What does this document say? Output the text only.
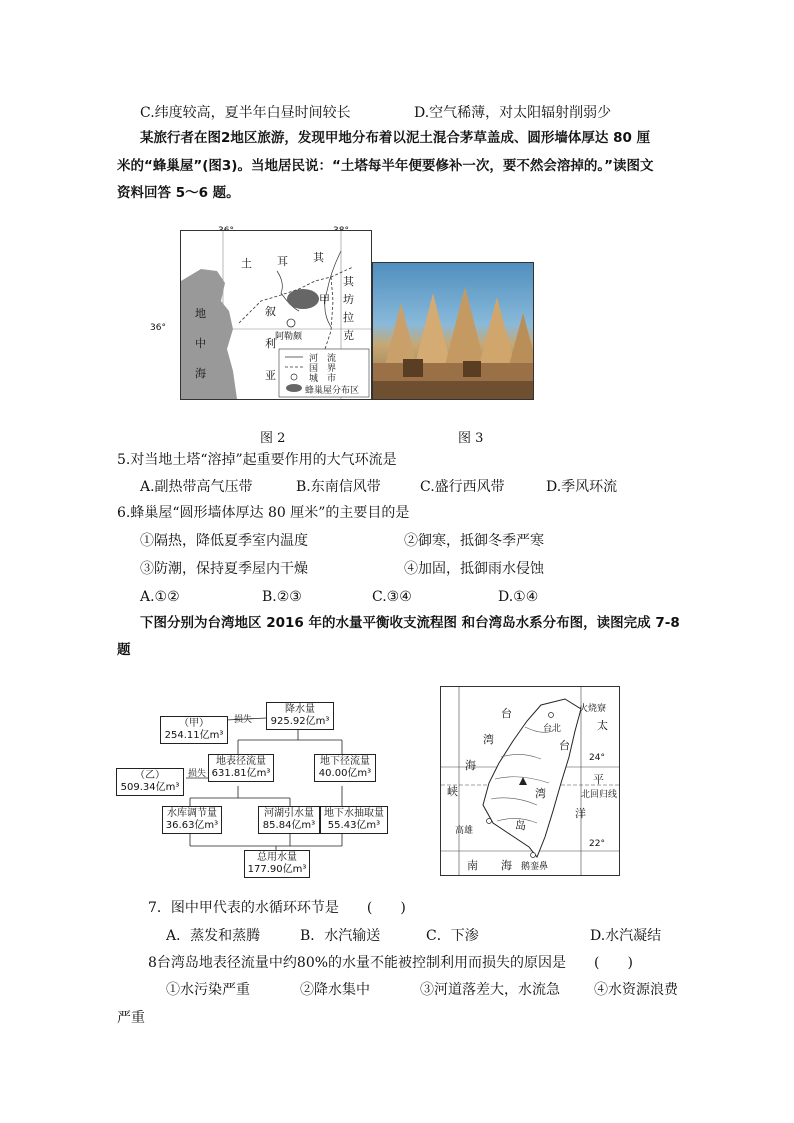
C.纬度较高，夏半年白昼时间较长	D.空气稀薄，对太阳辐射削弱少
某旅行者在图2地区旅游，发现甲地分布着以泥土混合茅草盖成、圆形墙体厚达 80 厘
米的“蜂巢屋”(图3)。当地居民说：“土塔每半年便要修补一次，要不然会溶掉的。”读图文
资料回答 5～6 题。
36°
土 耳 其
地
中
海
甲
阿勒颇
叙
利
亚
其
坊
拉
克
河　流
国　界
城　市
蜂巢屋分布区
图 2	图 3
5.对当地土塔“溶掉”起重要作用的大气环流是
A.副热带高气压带	B.东南信风带	C.盛行西风带	D.季风环流
6.蜂巢屋“圆形墙体厚达 80 厘米”的主要目的是
①隔热，降低夏季室内温度	②御寒，抵御冬季严寒
③防潮，保持夏季屋内干燥	④加固，抵御雨水侵蚀
A.①②	B.②③	C.③④	D.①④
下图分别为台湾地区 2016 年的水量平衡收支流程图 和台湾岛水系分布图，读图完成 7-8
题
降水量
925.92亿m³
损失
（甲）
254.11亿m³
地表径流量
631.81亿m³
地下径流量
40.00亿m³
损失
（乙）
509.34亿m³
水库调节量
36.63亿m³
河湖引水量
85.84亿m³
地下水抽取量
55.43亿m³
总用水量
177.90亿m³
火烧寮
台北
高雄
鹅銮鼻
北回归线
24°
22°
台
湾
海
峡
台
湾
岛
太
平
洋
南 海
7．图中甲代表的水循环环节是　　(　　)
A．蒸发和蒸腾	B．水汽输送	C．下渗	D.水汽凝结
8台湾岛地表径流量中约80%的水量不能被控制利用而损失的原因是　　(　　)
①水污染严重	②降水集中	③河道落差大，水流急 ④水资源浪费
严重
